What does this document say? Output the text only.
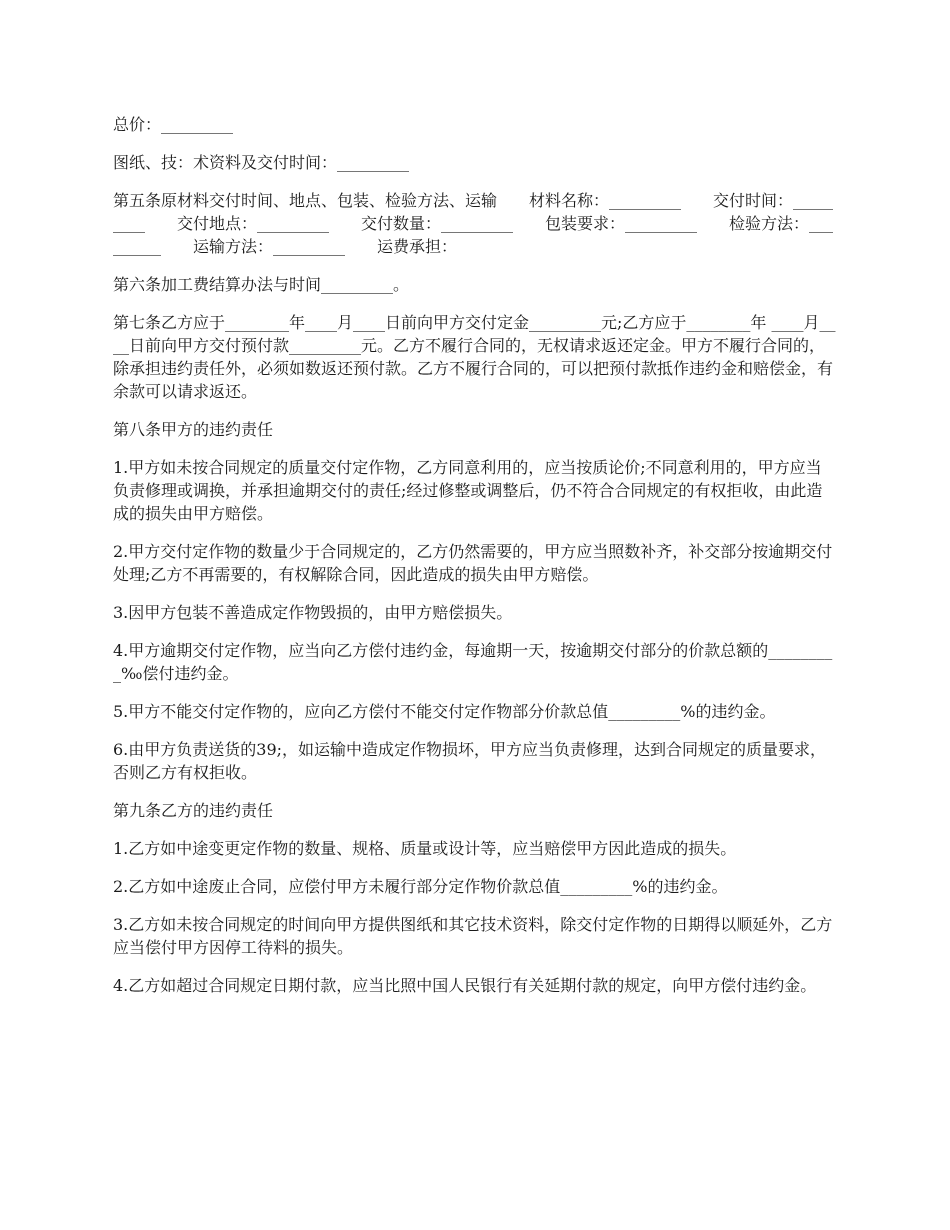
总价：_________

图纸、技：术资料及交付时间：_________

第五条原材料交付时间、地点、包装、检验方法、运输　　材料名称：_________　　交付时间：_________　　交付地点：_________　　交付数量：_________　　包装要求：_________　　检验方法：_________　　运输方法：_________　　运费承担：

第六条加工费结算办法与时间_________。

第七条乙方应于________年____月____日前向甲方交付定金_________元;乙方应于________年 ____月____日前向甲方交付预付款_________元。乙方不履行合同的，无权请求返还定金。甲方不履行合同的，除承担违约责任外，必须如数返还预付款。乙方不履行合同的，可以把预付款抵作违约金和赔偿金，有余款可以请求返还。

第八条甲方的违约责任

1.甲方如未按合同规定的质量交付定作物，乙方同意利用的，应当按质论价;不同意利用的，甲方应当负责修理或调换，并承担逾期交付的责任;经过修整或调整后，仍不符合合同规定的有权拒收，由此造成的损失由甲方赔偿。

2.甲方交付定作物的数量少于合同规定的，乙方仍然需要的，甲方应当照数补齐，补交部分按逾期交付处理;乙方不再需要的，有权解除合同，因此造成的损失由甲方赔偿。

3.因甲方包装不善造成定作物毁损的，由甲方赔偿损失。

4.甲方逾期交付定作物，应当向乙方偿付违约金，每逾期一天，按逾期交付部分的价款总额的_________‰偿付违约金。

5.甲方不能交付定作物的，应向乙方偿付不能交付定作物部分价款总值_________%的违约金。

6.由甲方负责送货的39;，如运输中造成定作物损坏，甲方应当负责修理，达到合同规定的质量要求，否则乙方有权拒收。

第九条乙方的违约责任

1.乙方如中途变更定作物的数量、规格、质量或设计等，应当赔偿甲方因此造成的损失。

2.乙方如中途废止合同，应偿付甲方未履行部分定作物价款总值_________%的违约金。

3.乙方如未按合同规定的时间向甲方提供图纸和其它技术资料，除交付定作物的日期得以顺延外，乙方应当偿付甲方因停工待料的损失。

4.乙方如超过合同规定日期付款，应当比照中国人民银行有关延期付款的规定，向甲方偿付违约金。
